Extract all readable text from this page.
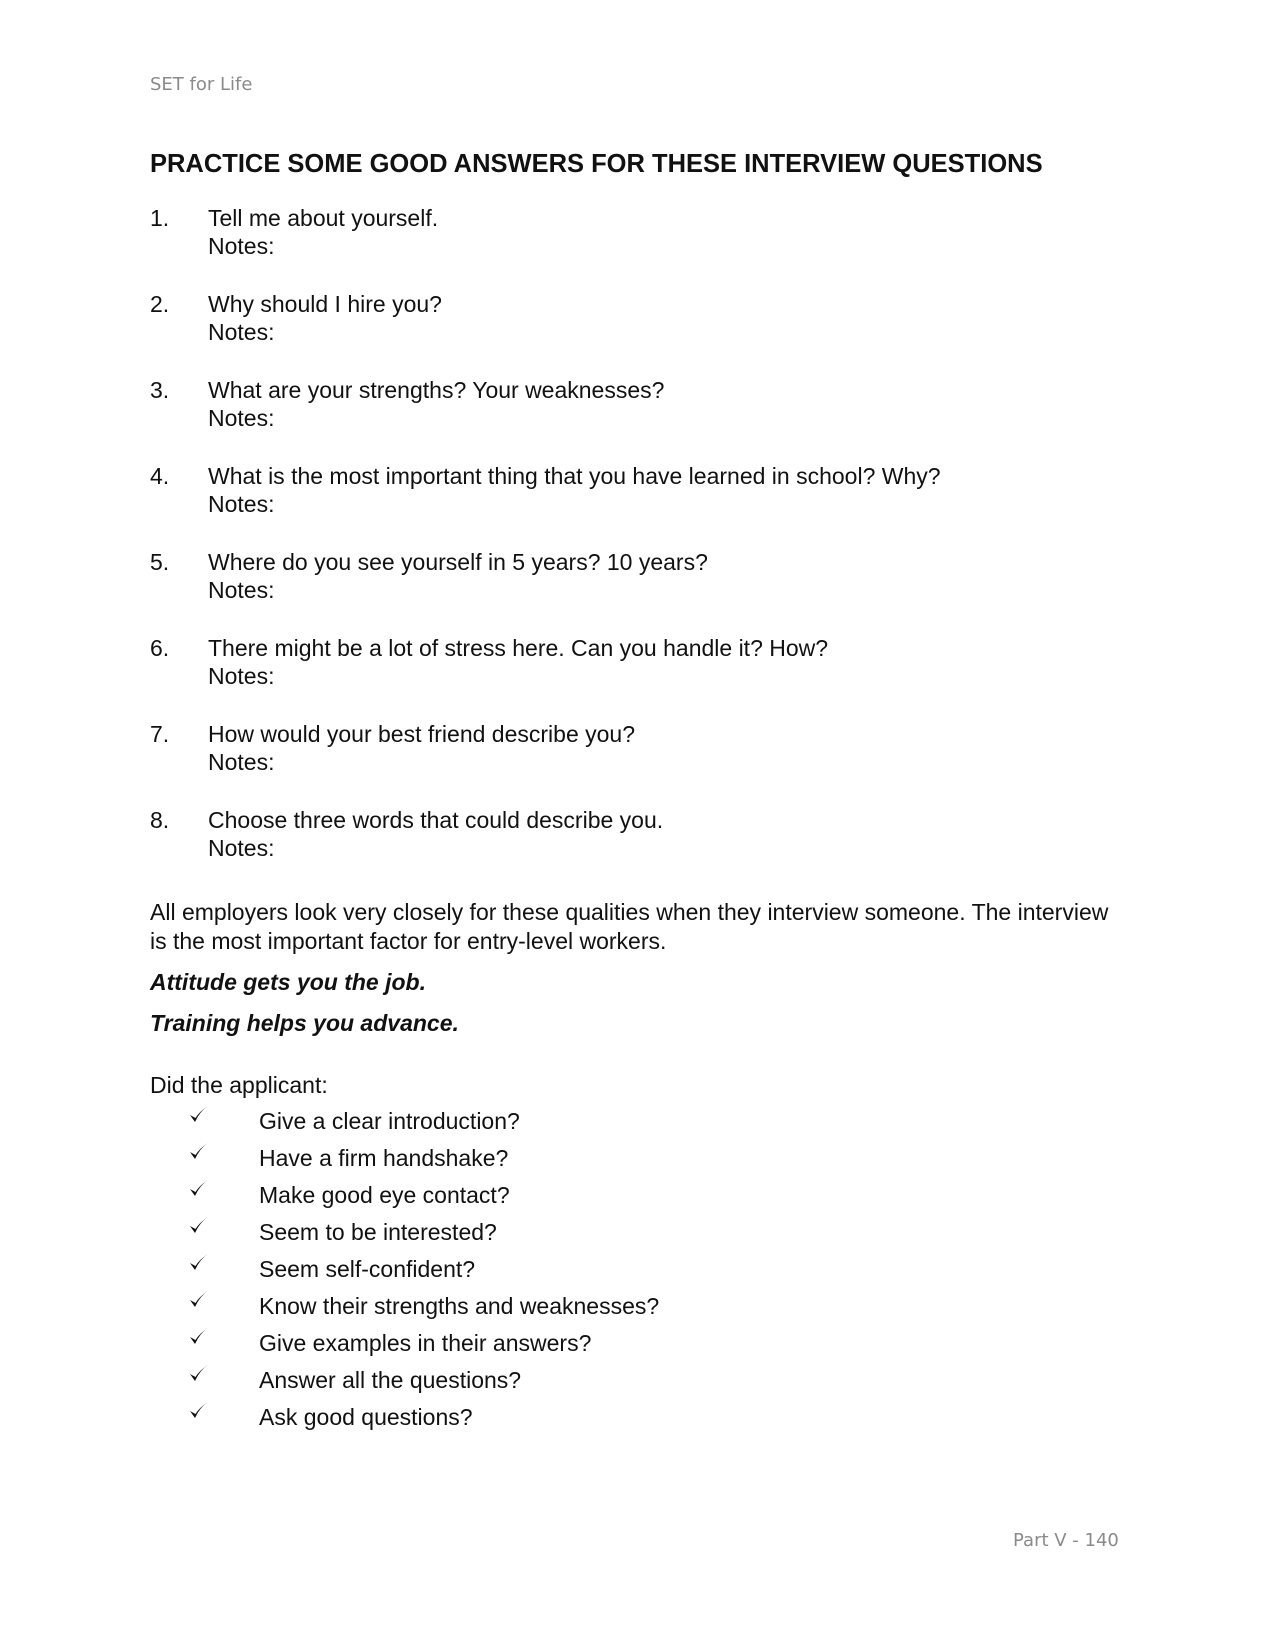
SET for Life
PRACTICE SOME GOOD ANSWERS FOR THESE INTERVIEW QUESTIONS
1. Tell me about yourself.
Notes:
2. Why should I hire you?
Notes:
3. What are your strengths? Your weaknesses?
Notes:
4. What is the most important thing that you have learned in school? Why?
Notes:
5. Where do you see yourself in 5 years? 10 years?
Notes:
6. There might be a lot of stress here. Can you handle it? How?
Notes:
7. How would your best friend describe you?
Notes:
8. Choose three words that could describe you.
Notes:

All employers look very closely for these qualities when they interview someone. The interview is the most important factor for entry-level workers.

Attitude gets you the job.

Training helps you advance.

Did the applicant:

Give a clear introduction?
Have a firm handshake?
Make good eye contact?
Seem to be interested?
Seem self-confident?
Know their strengths and weaknesses?
Give examples in their answers?
Answer all the questions?
Ask good questions?
Part V - 140
